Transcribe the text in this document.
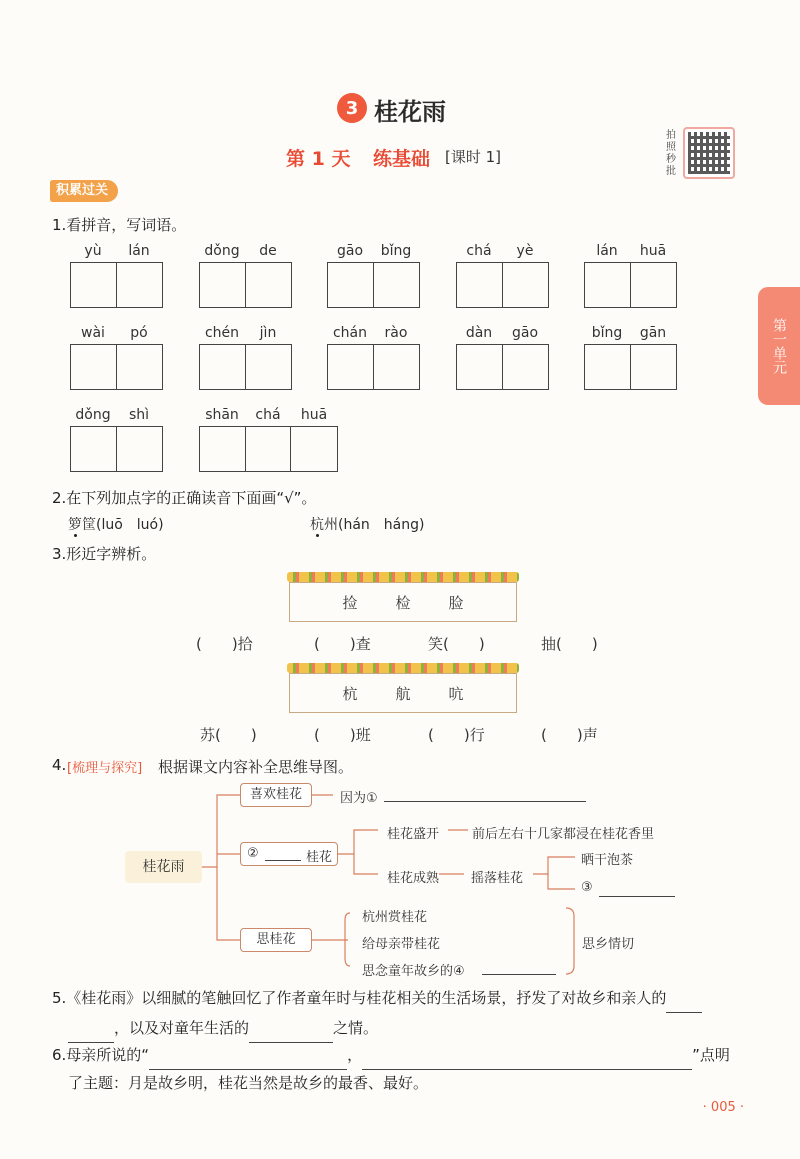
3 桂花雨
第 1 天 练基础 [课时 1]
拍照秒批
积累过关
第一单元
1.看拼音，写词语。
yù	lán	dǒng	de	gāo	bǐng	chá	yè	lán	huā
wài	pó	chén	jìn	chán	rào	dàn	gāo	bǐng	gān
dǒng	shì	shān	chá	huā
2.在下列加点字的正确读音下面画“√”。
箩筐(luō　luó)	杭州(hán　háng)
3.形近字辨析。
捡	检	脸
(　　)拾	(　　)查	笑(　　)	抽(　　)
杭	航	吭
苏(　　)	(　　)班	(　　)行	(　　)声
4. [梳理与探究] 根据课文内容补全思维导图。
桂花雨
喜欢桂花	因为①
②	桂花
桂花盛开	前后左右十几家都浸在桂花香里
桂花成熟 摇落桂花
晒干泡茶
③
思桂花
杭州赏桂花
给母亲带桂花
思念童年故乡的④
思乡情切
5.《桂花雨》以细腻的笔触回忆了作者童年时与桂花相关的生活场景，抒发了对故乡和亲人的
，以及对童年生活的	之情。
6.母亲所说的“	，	”点明
了主题：月是故乡明，桂花当然是故乡的最香、最好。
· 005 ·
